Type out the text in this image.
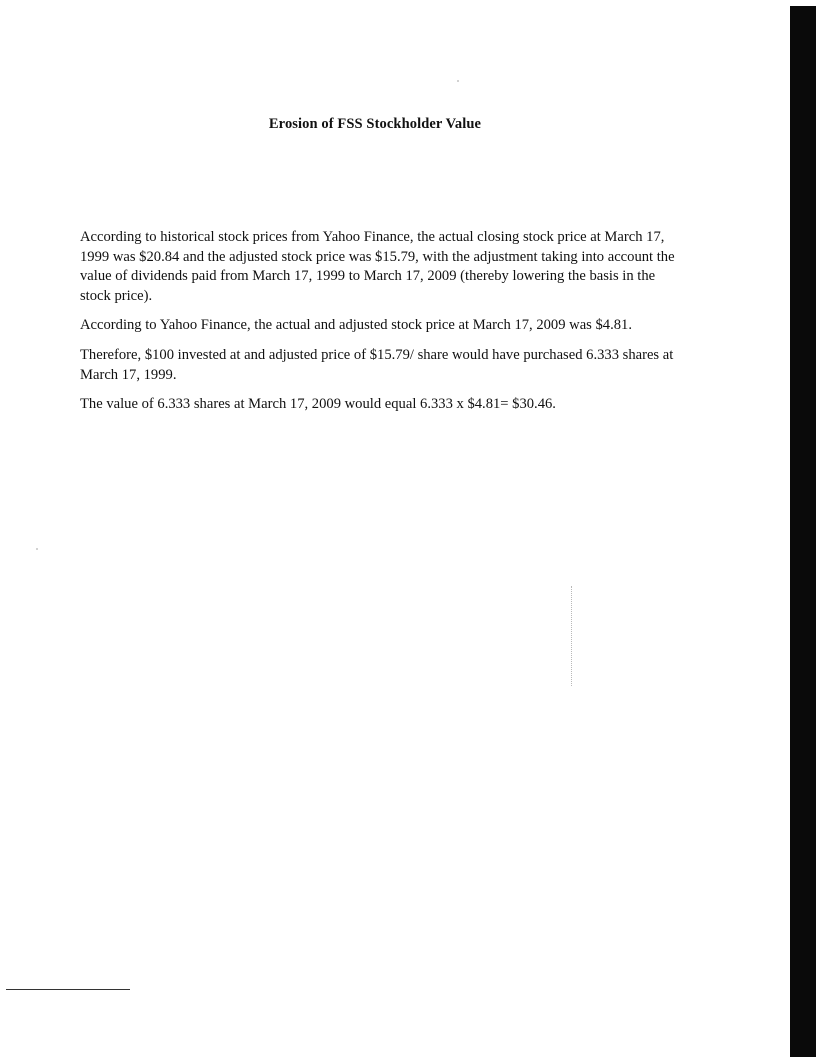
Erosion of FSS Stockholder Value

According to historical stock prices from Yahoo Finance, the actual closing stock price at March 17, 1999 was $20.84 and the adjusted stock price was $15.79, with the adjustment taking into account the value of dividends paid from March 17, 1999 to March 17, 2009 (thereby lowering the basis in the stock price).

According to Yahoo Finance, the actual and adjusted stock price at March 17, 2009 was $4.81.

Therefore, $100 invested at and adjusted price of $15.79/ share would have purchased 6.333 shares at March 17, 1999.

The value of 6.333 shares at March 17, 2009 would equal 6.333 x $4.81= $30.46.
